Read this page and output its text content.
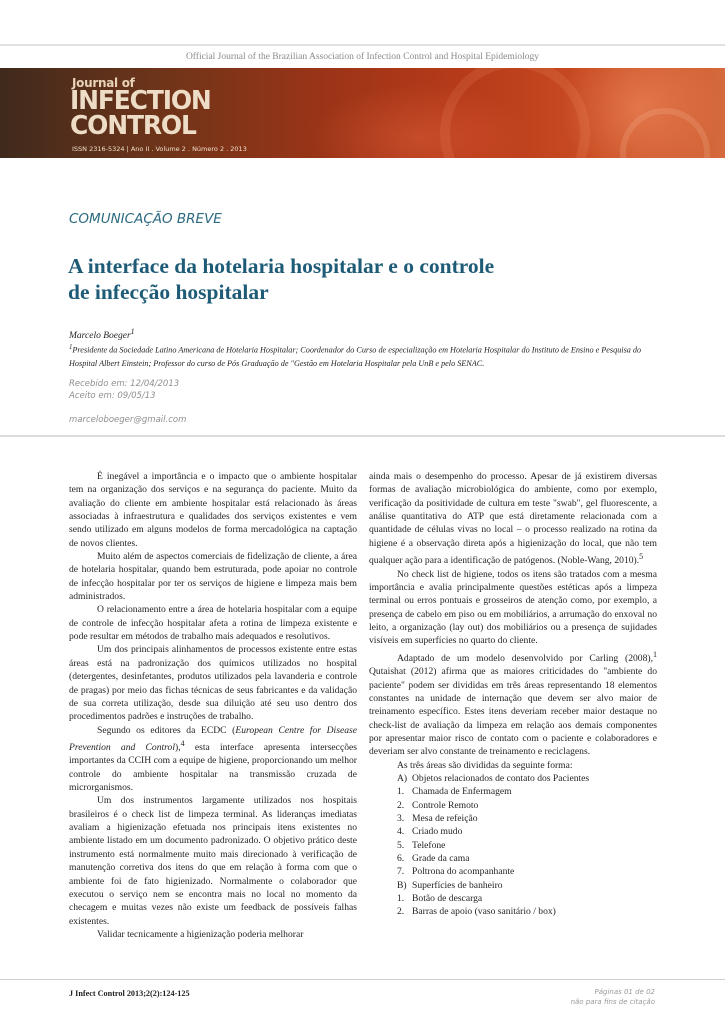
Official Journal of the Brazilian Association of Infection Control and Hospital Epidemiology
Journal of
INFECTION
CONTROL
ISSN 2316-5324 | Ano II . Volume 2 . Número 2 . 2013
COMUNICAÇÃO BREVE
A interface da hotelaria hospitalar e o controle
de infecção hospitalar
Marcelo Boeger$^1$
$^1$Presidente da Sociedade Latino Americana de Hotelaria Hospitalar; Coordenador do Curso de especialização em Hotelaria Hospitalar do Instituto de Ensino e Pesquisa do Hospital Albert Einstein; Professor do curso de Pós Graduação de "Gestão em Hotelaria Hospitalar pela UnB e pelo SENAC.
Recebido em: 12/04/2013
Aceito em: 09/05/13
marceloboeger@gmail.com

É inegável a importância e o impacto que o ambiente hospitalar tem na organização dos serviços e na segurança do paciente. Muito da avaliação do cliente em ambiente hospitalar está relacionado às áreas associadas à infraestrutura e qualidades dos serviços existentes e vem sendo utilizado em alguns modelos de forma mercadológica na captação de novos clientes.

Muito além de aspectos comerciais de fidelização de cliente, a área de hotelaria hospitalar, quando bem estruturada, pode apoiar no controle de infecção hospitalar por ter os serviços de higiene e limpeza mais bem administrados.

O relacionamento entre a área de hotelaria hospitalar com a equipe de controle de infecção hospitalar afeta a rotina de limpeza existente e pode resultar em métodos de trabalho mais adequados e resolutivos.

Um dos principais alinhamentos de processos existente entre estas áreas está na padronização dos químicos utilizados no hospital (detergentes, desinfetantes, produtos utilizados pela lavanderia e controle de pragas) por meio das fichas técnicas de seus fabricantes e da validação de sua correta utilização, desde sua diluição até seu uso dentro dos procedimentos padrões e instruções de trabalho.

Segundo os editores da ECDC (European Centre for Disease Prevention and Control),$^4$ esta interface apresenta intersecções importantes da CCIH com a equipe de higiene, proporcionando um melhor controle do ambiente hospitalar na transmissão cruzada de microrganismos.

Um dos instrumentos largamente utilizados nos hospitais brasileiros é o check list de limpeza terminal. As lideranças imediatas avaliam a higienização efetuada nos principais itens existentes no ambiente listado em um documento padronizado. O objetivo prático deste instrumento está normalmente muito mais direcionado à verificação de manutenção corretiva dos itens do que em relação à forma com que o ambiente foi de fato higienizado. Normalmente o colaborador que executou o serviço nem se encontra mais no local no momento da checagem e muitas vezes não existe um feedback de possíveis falhas existentes.

Validar tecnicamente a higienização poderia melhorar

ainda mais o desempenho do processo. Apesar de já existirem diversas formas de avaliação microbiológica do ambiente, como por exemplo, verificação da positividade de cultura em teste "swab", gel fluorescente, a análise quantitativa do ATP que está diretamente relacionada com a quantidade de células vivas no local – o processo realizado na rotina da higiene é a observação direta após a higienização do local, que não tem qualquer ação para a identificação de patógenos. (Noble-Wang, 2010).$^5$

No check list de higiene, todos os itens são tratados com a mesma importância e avalia principalmente questões estéticas após a limpeza terminal ou erros pontuais e grosseiros de atenção como, por exemplo, a presença de cabelo em piso ou em mobiliários, a arrumação do enxoval no leito, a organização (lay out) dos mobiliários ou a presença de sujidades visíveis em superfícies no quarto do cliente.

Adaptado de um modelo desenvolvido por Carling (2008),$^1$ Qutaishat (2012) afirma que as maiores criticidades do "ambiente do paciente" podem ser divididas em três áreas representando 18 elementos constantes na unidade de internação que devem ser alvo maior de treinamento específico. Estes itens deveriam receber maior destaque no check-list de avaliação da limpeza em relação aos demais componentes por apresentar maior risco de contato com o paciente e colaboradores e deveriam ser alvo constante de treinamento e reciclagens.

As três áreas são divididas da seguinte forma:

A) Objetos relacionados de contato dos Pacientes
1. Chamada de Enfermagem
2. Controle Remoto
3. Mesa de refeição
4. Criado mudo
5. Telefone
6. Grade da cama
7. Poltrona do acompanhante
B) Superfícies de banheiro
1. Botão de descarga
2. Barras de apoio (vaso sanitário / box)
J Infect Control 2013;2(2):124-125	Páginas 01 de 02
não para fins de citação
